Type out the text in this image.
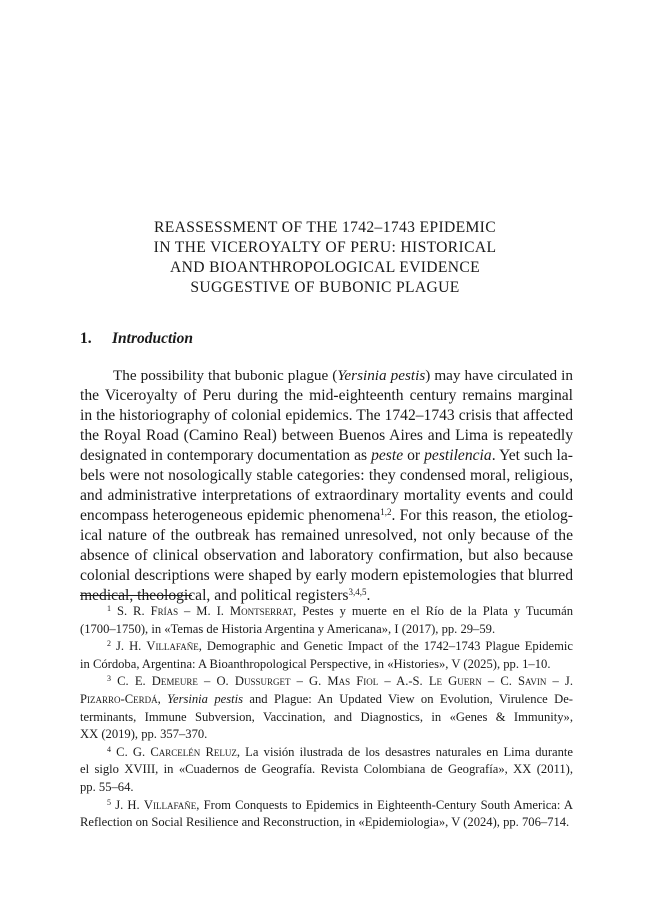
REASSESSMENT OF THE 1742–1743 EPIDEMIC
IN THE VICEROYALTY OF PERU: HISTORICAL
AND BIOANTHROPOLOGICAL EVIDENCE
SUGGESTIVE OF BUBONIC PLAGUE
1. Introduction
The possibility that bubonic plague (Yersinia pestis) may have circulated in
the Viceroyalty of Peru during the mid-eighteenth century remains marginal
in the historiography of colonial epidemics. The 1742–1743 crisis that affected
the Royal Road (Camino Real) between Buenos Aires and Lima is repeatedly
designated in contemporary documentation as peste or pestilencia. Yet such la-
bels were not nosologically stable categories: they condensed moral, religious,
and administrative interpretations of extraordinary mortality events and could
encompass heterogeneous epidemic phenomena$^{1,2}$. For this reason, the etiolog-
ical nature of the outbreak has remained unresolved, not only because of the
absence of clinical observation and laboratory confirmation, but also because
colonial descriptions were shaped by early modern epistemologies that blurred
medical, theological, and political registers$^{3,4,5}$.
$^1$ S. R. Frías – M. I. Montserrat, Pestes y muerte en el Río de la Plata y Tucumán
(1700–1750), in «Temas de Historia Argentina y Americana», I (2017), pp. 29–59.
$^2$ J. H. Villafañe, Demographic and Genetic Impact of the 1742–1743 Plague Epidemic
in Córdoba, Argentina: A Bioanthropological Perspective, in «Histories», V (2025), pp. 1–10.
$^3$ C. E. Demeure – O. Dussurget – G. Mas Fiol – A.-S. Le Guern – C. Savin – J.
Pizarro-Cerdá, Yersinia pestis and Plague: An Updated View on Evolution, Virulence De-
terminants, Immune Subversion, Vaccination, and Diagnostics, in «Genes & Immunity»,
XX (2019), pp. 357–370.
$^4$ C. G. Carcelén Reluz, La visión ilustrada de los desastres naturales en Lima durante
el siglo XVIII, in «Cuadernos de Geografía. Revista Colombiana de Geografía», XX (2011),
pp. 55–64.
$^5$ J. H. Villafañe, From Conquests to Epidemics in Eighteenth-Century South America: A
Reflection on Social Resilience and Reconstruction, in «Epidemiologia», V (2024), pp. 706–714.
